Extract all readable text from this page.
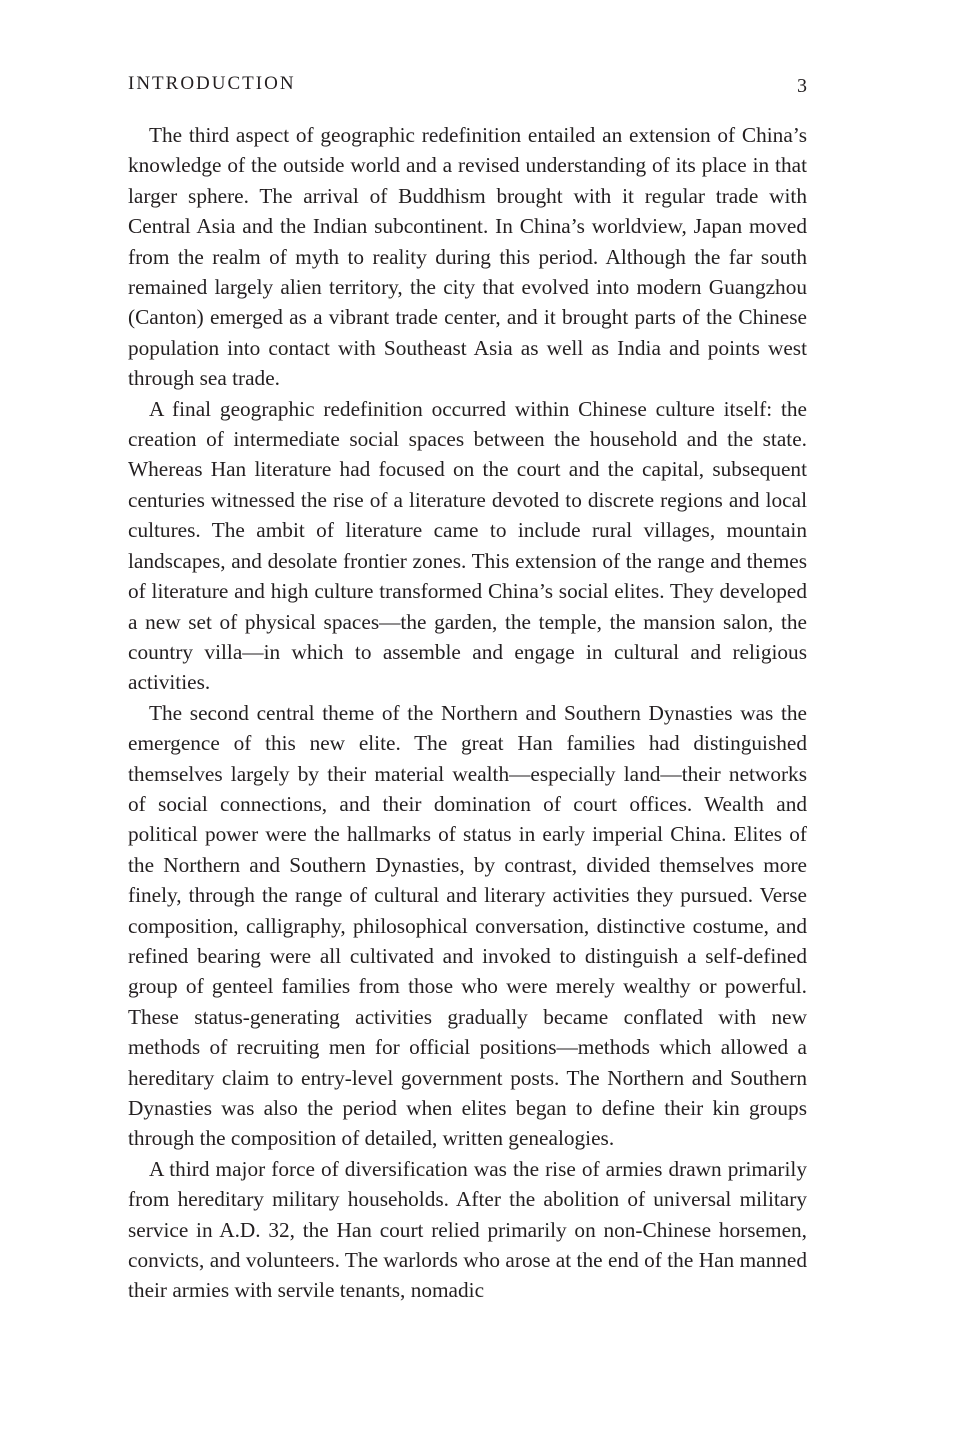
INTRODUCTION	3

The third aspect of geographic redefinition entailed an extension of China’s knowledge of the outside world and a revised understanding of its place in that larger sphere. The arrival of Buddhism brought with it regular trade with Central Asia and the Indian subcontinent. In China’s worldview, Japan moved from the realm of myth to reality during this period. Although the far south remained largely alien territory, the city that evolved into modern Guangzhou (Canton) emerged as a vibrant trade center, and it brought parts of the Chinese population into contact with Southeast Asia as well as India and points west through sea trade.

A final geographic redefinition occurred within Chinese culture itself: the creation of intermediate social spaces between the household and the state. Whereas Han literature had focused on the court and the capital, subsequent centuries witnessed the rise of a literature devoted to discrete regions and local cultures. The ambit of literature came to include rural villages, mountain landscapes, and desolate frontier zones. This extension of the range and themes of literature and high culture transformed China’s social elites. They developed a new set of physical spaces—the garden, the temple, the mansion salon, the country villa—in which to assemble and engage in cultural and religious activities.

The second central theme of the Northern and Southern Dynasties was the emergence of this new elite. The great Han families had distinguished themselves largely by their material wealth—especially land—their networks of social connections, and their domination of court offices. Wealth and political power were the hallmarks of status in early imperial China. Elites of the Northern and Southern Dynasties, by contrast, divided themselves more finely, through the range of cultural and literary activities they pursued. Verse composition, calligraphy, philosophical conversation, distinctive costume, and refined bearing were all cultivated and invoked to distinguish a self-defined group of genteel families from those who were merely wealthy or powerful. These status-generating activities gradually became conflated with new methods of recruiting men for official positions—methods which allowed a hereditary claim to entry-level government posts. The Northern and Southern Dynasties was also the period when elites began to define their kin groups through the composition of detailed, written genealogies.

A third major force of diversification was the rise of armies drawn primarily from hereditary military households. After the abolition of universal military service in A.D. 32, the Han court relied primarily on non-Chinese horsemen, convicts, and volunteers. The warlords who arose at the end of the Han manned their armies with servile tenants, nomadic
